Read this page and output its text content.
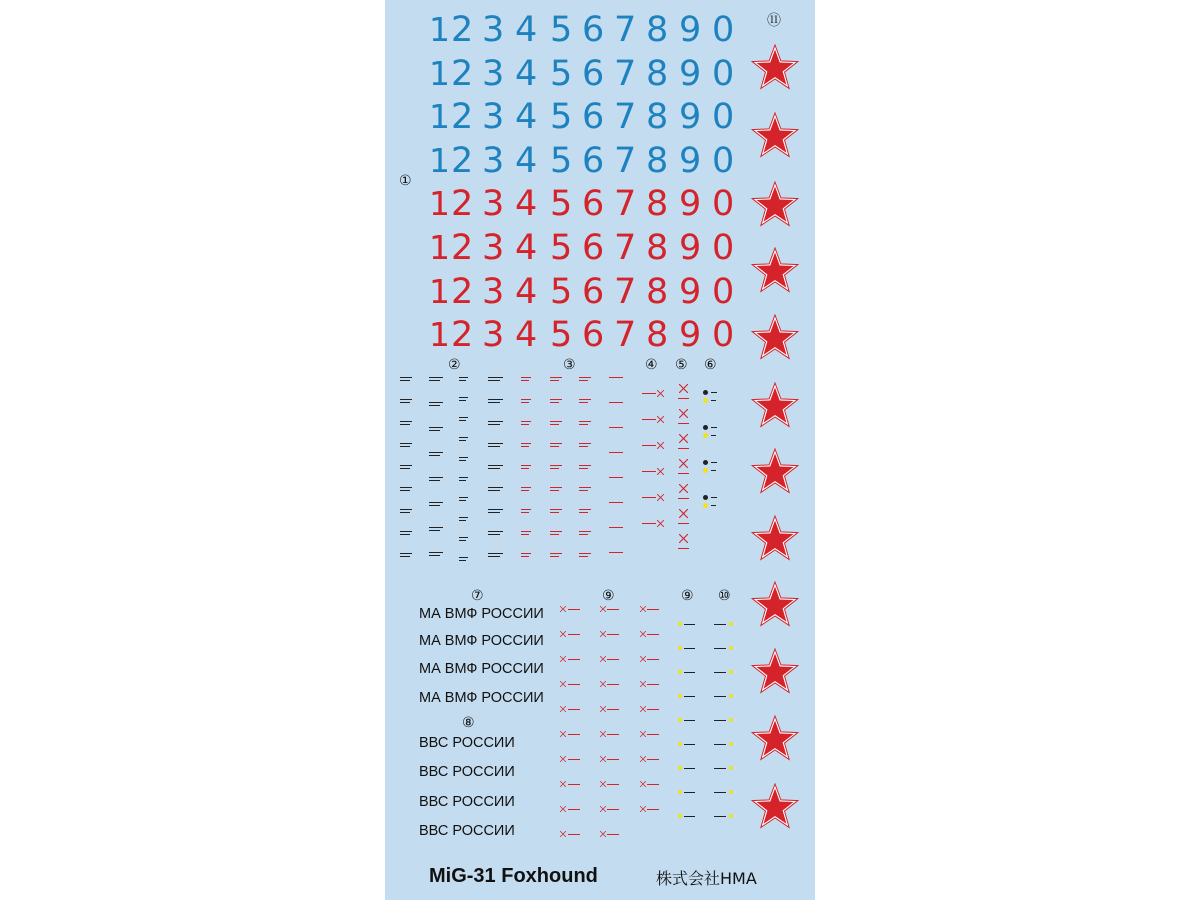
1 2 3 4 5 6 7 8 9 0
1 2 3 4 5 6 7 8 9 0
1 2 3 4 5 6 7 8 9 0
1 2 3 4 5 6 7 8 9 0
1 2 3 4 5 6 7 8 9 0
1 2 3 4 5 6 7 8 9 0
1 2 3 4 5 6 7 8 9 0
1 2 3 4 5 6 7 8 9 0
①
②	③	④ ⑤ ⑥
⑦
⑧
⑨	⑨ ⑩
⑪
МА ВМФ РОССИИ
МА ВМФ РОССИИ
МА ВМФ РОССИИ
МА ВМФ РОССИИ
ВВС РОССИИ
ВВС РОССИИ
ВВС РОССИИ
ВВС РОССИИ
MiG-31 Foxhound	株式会社HMA
